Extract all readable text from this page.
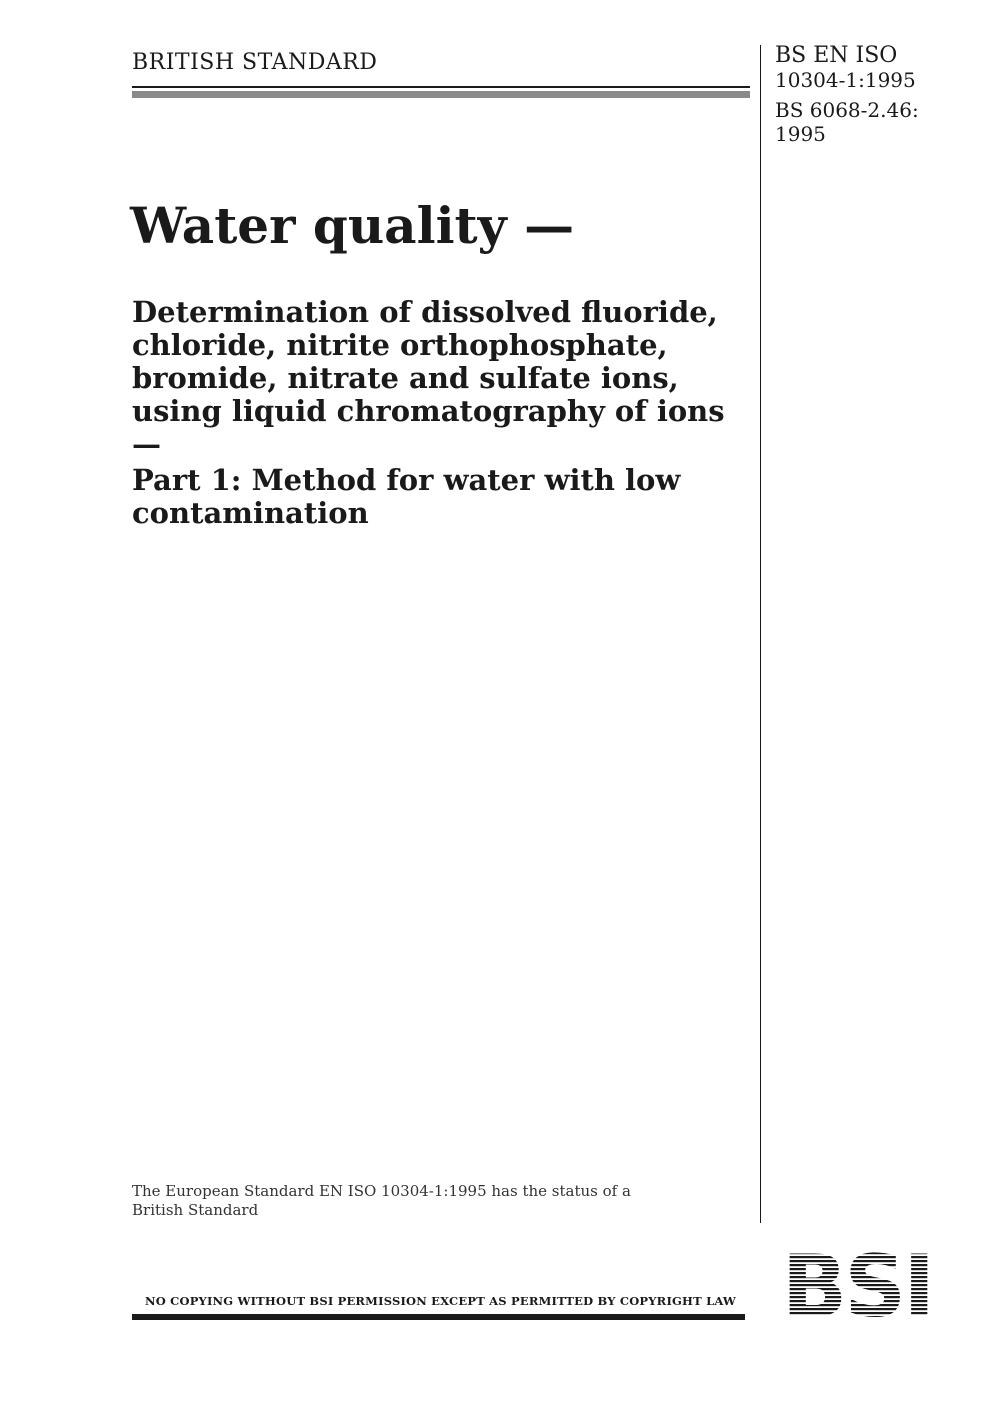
BRITISH STANDARD	BS EN ISO
10304-1:1995
BS 6068-2.46:
1995
Water quality —
Determination of dissolved fluoride, chloride, nitrite orthophosphate, bromide, nitrate and sulfate ions, using liquid chromatography of ions —
Part 1: Method for water with low contamination
The European Standard EN ISO 10304-1:1995 has the status of a British Standard
NO COPYING WITHOUT BSI PERMISSION EXCEPT AS PERMITTED BY COPYRIGHT LAW BSI
